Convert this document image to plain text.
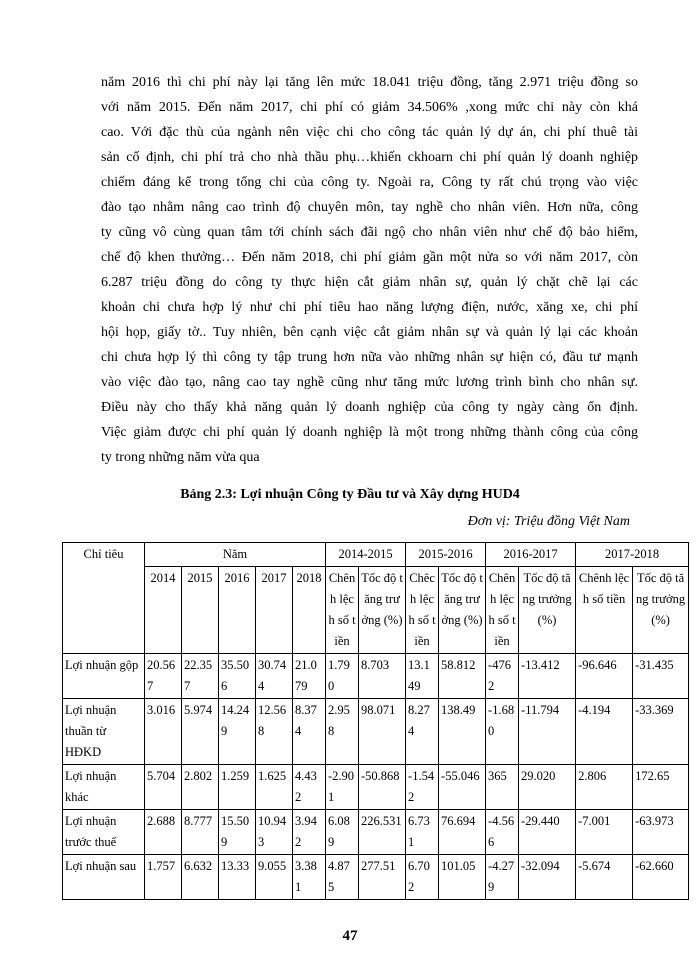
năm 2016 thì chi phí này lại tăng lên mức 18.041 triệu đồng, tăng 2.971 triệu đồng so
với năm 2015. Đến năm 2017, chi phí có giảm 34.506% ,xong mức chi này còn khá
cao. Với đặc thù của ngành nên việc chi cho công tác quản lý dự án, chi phí thuê tài
sản cố định, chi phí trả cho nhà thầu phụ…khiến ckhoarn chi phí quản lý doanh nghiệp
chiếm đáng kể trong tổng chi của công ty. Ngoài ra, Công ty rất chú trọng vào việc
đào tạo nhằm nâng cao trình độ chuyên môn, tay nghề cho nhân viên. Hơn nữa, công
ty cũng vô cùng quan tâm tới chính sách đãi ngộ cho nhân viên như chế độ bảo hiểm,
chế độ khen thưởng… Đến năm 2018, chi phí giảm gần một nửa so với năm 2017, còn
6.287 triệu đồng do công ty thực hiện cắt giảm nhân sự, quản lý chặt chẽ lại các
khoản chi chưa hợp lý như chi phí tiêu hao năng lượng điện, nước, xăng xe, chi phí
hội họp, giấy tờ.. Tuy nhiên, bên cạnh việc cắt giảm nhân sự và quản lý lại các khoản
chi chưa hợp lý thì công ty tập trung hơn nữa vào những nhân sự hiện có, đầu tư mạnh
vào việc đào tạo, nâng cao tay nghề cũng như tăng mức lương trình bình cho nhân sự.
Điều này cho thấy khả năng quản lý doanh nghiệp của công ty ngày càng ổn định.
Việc giảm được chi phí quản lý doanh nghiệp là một trong những thành công của công
ty trong những năm vừa qua

Bảng 2.3: Lợi nhuận Công ty Đầu tư và Xây dựng HUD4

Đơn vị: Triệu đồng Việt Nam

Chỉ tiêu	Năm					2014-2015		2015-2016		2016-2017		2017-2018	
	2014	2015	2016	2017	2018	Chênh lệch số tiền	Tốc độ tăng trưởng (%)	Chêch lệch số tiền	Tốc độ tăng trưởng (%)	Chên h lệch số tiền	Tốc độ tăng trưởng (%)	Chênh lệch số tiền	Tốc độ tăng trưởng (%)
Lợi nhuận gộp	20.567	22.357	35.506	30.744	21.079	1.790	8.703	13.149	58.812	-4762	-13.412	-96.646	-31.435
Lợi nhuận thuần từ HĐKD	3.016	5.974	14.249	12.568	8.374	2.958	98.071	8.274	138.49	-1.680	-11.794	-4.194	-33.369
Lợi nhuận khác	5.704	2.802	1.259	1.625	4.432	-2.901	-50.868	-1.542	-55.046	365	29.020	2.806	172.65
Lợi nhuận trước thuế	2.688	8.777	15.509	10.943	3.942	6.089	226.531	6.731	76.694	-4.566	-29.440	-7.001	-63.973
Lợi nhuận sau	1.757	6.632	13.33	9.055	3.381	4.875	277.51	6.702	101.05	-4.279	-32.094	-5.674	-62.660

47
